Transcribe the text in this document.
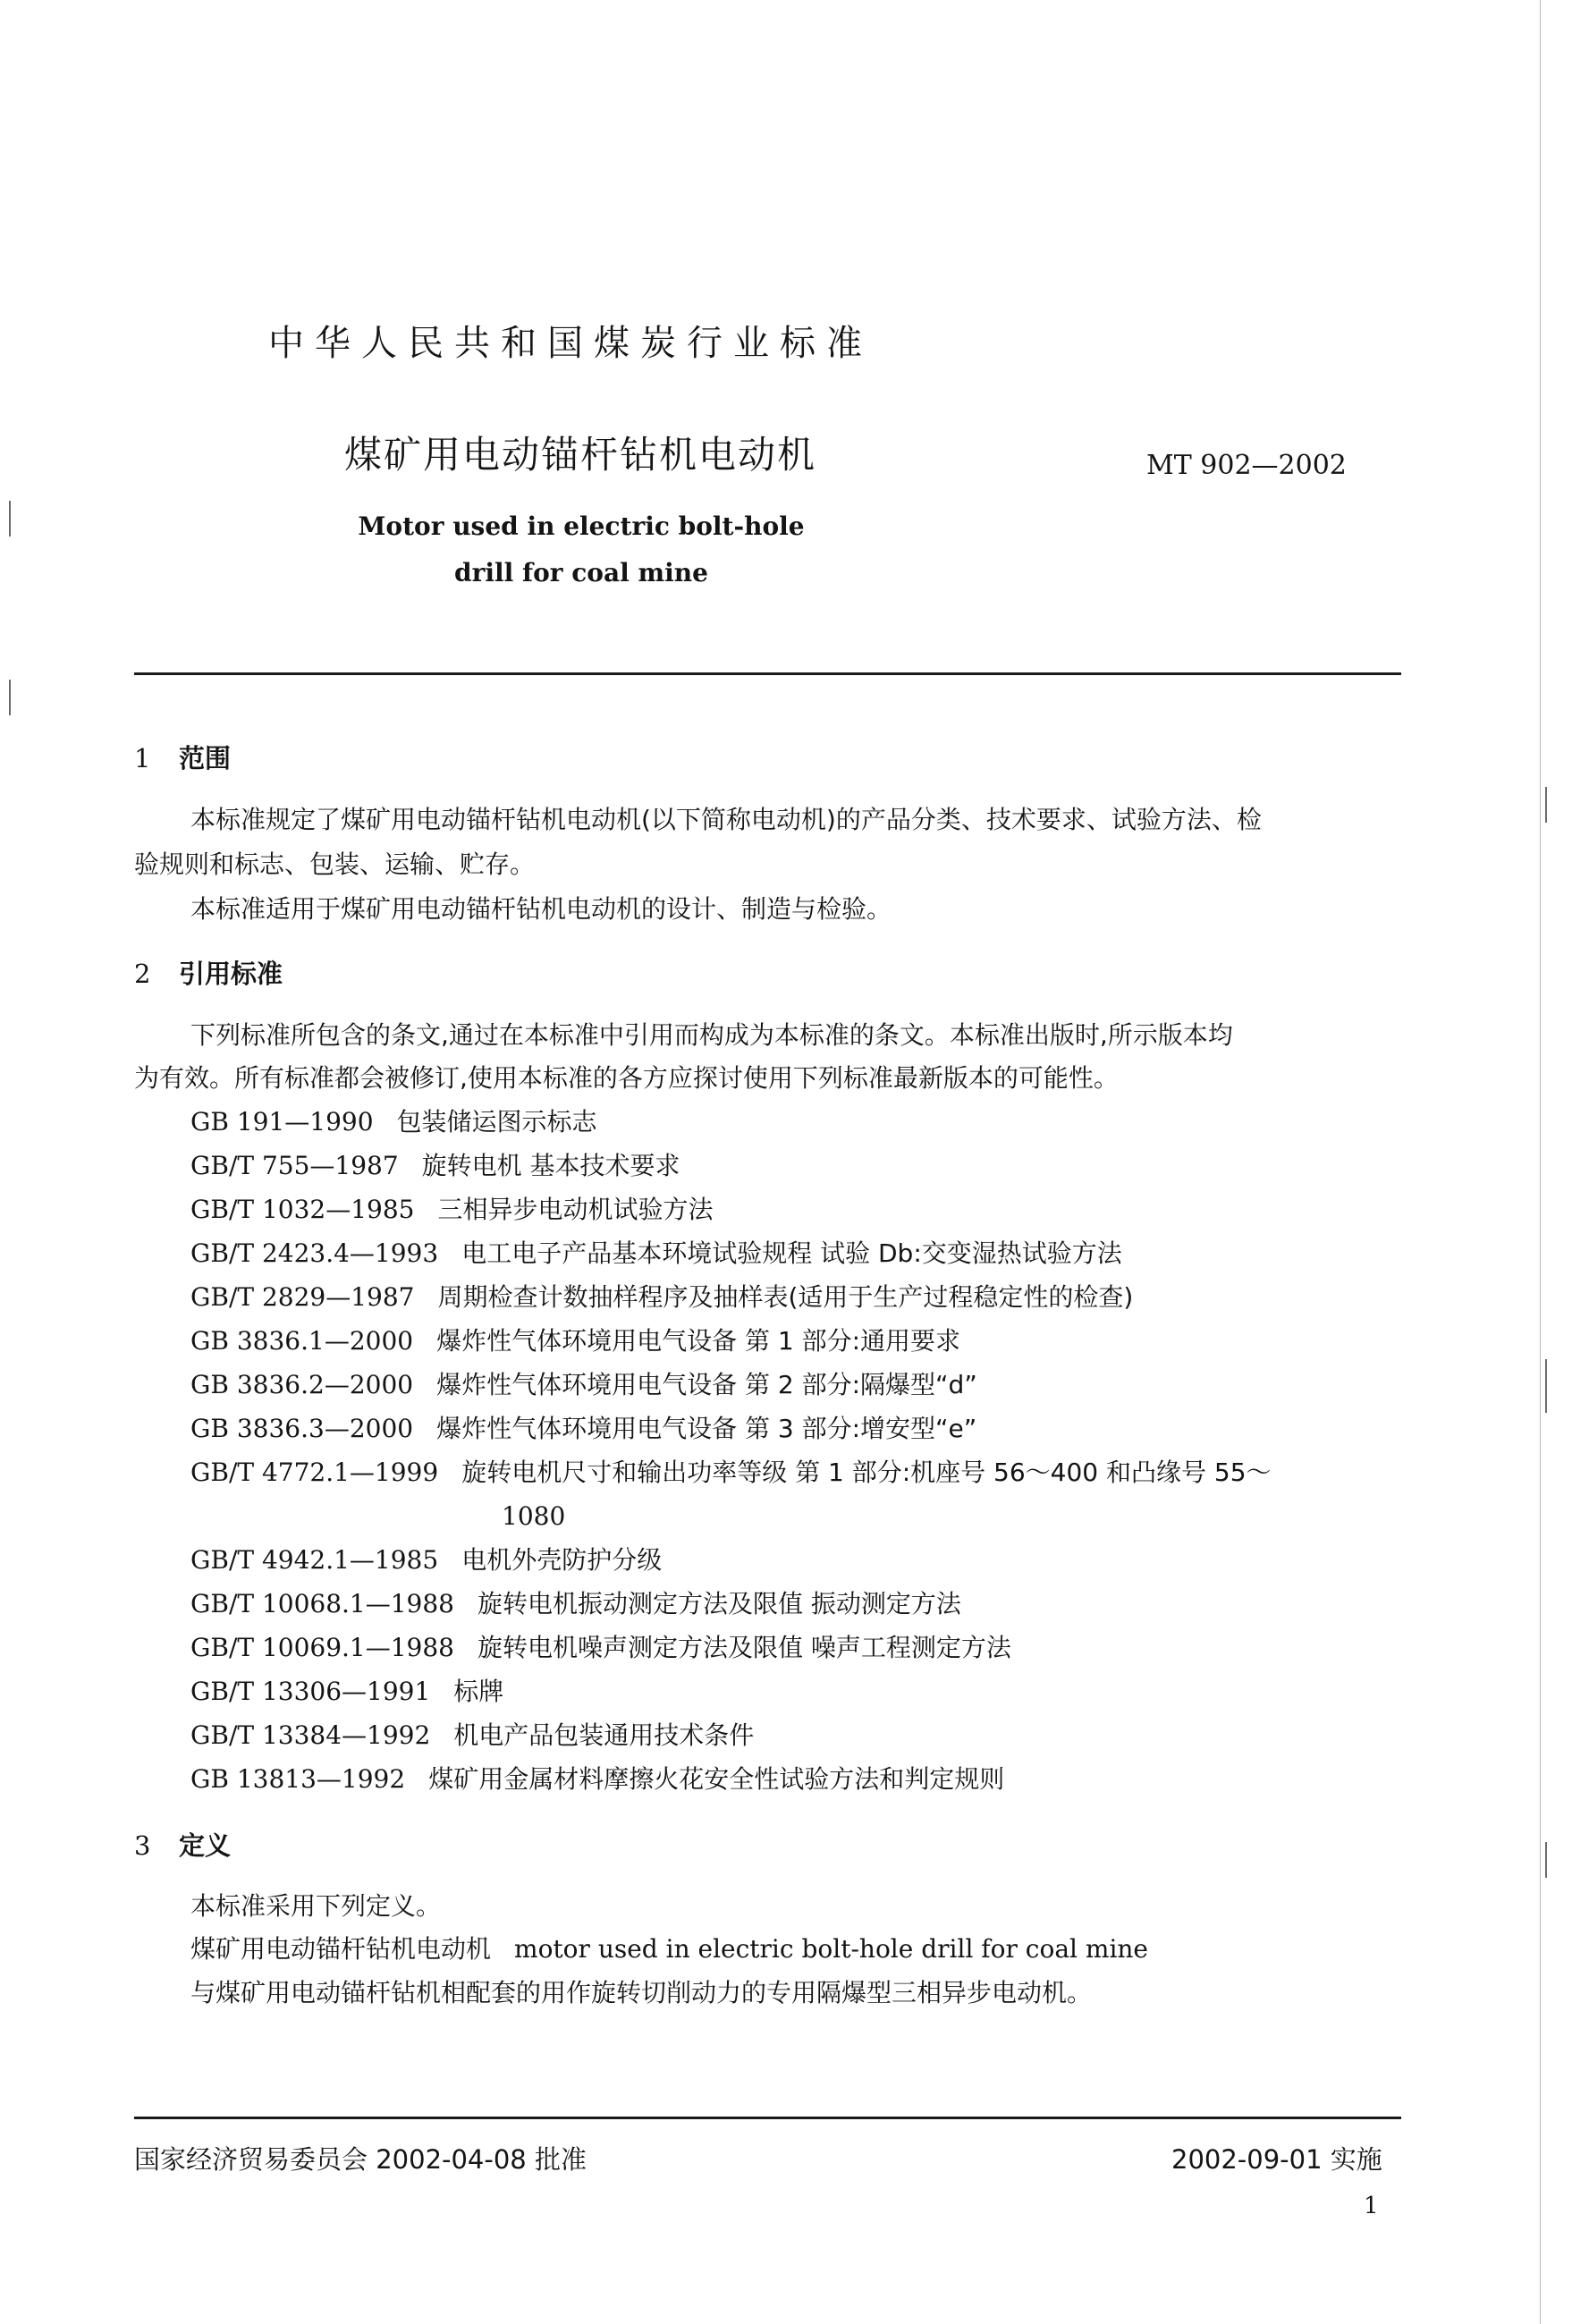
中华人民共和国煤炭行业标准
煤矿用电动锚杆钻机电动机	MT 902—2002
Motor used in electric bolt-hole
drill for coal mine
1 范围
本标准规定了煤矿用电动锚杆钻机电动机(以下简称电动机)的产品分类、技术要求、试验方法、检
验规则和标志、包装、运输、贮存。
本标准适用于煤矿用电动锚杆钻机电动机的设计、制造与检验。
2 引用标准
下列标准所包含的条文,通过在本标准中引用而构成为本标准的条文。本标准出版时,所示版本均
为有效。所有标准都会被修订,使用本标准的各方应探讨使用下列标准最新版本的可能性。
GB 191—1990 包装储运图示标志
GB/T 755—1987 旋转电机 基本技术要求
GB/T 1032—1985 三相异步电动机试验方法
GB/T 2423.4—1993 电工电子产品基本环境试验规程 试验 Db:交变湿热试验方法
GB/T 2829—1987 周期检查计数抽样程序及抽样表(适用于生产过程稳定性的检查)
GB 3836.1—2000 爆炸性气体环境用电气设备 第 1 部分:通用要求
GB 3836.2—2000 爆炸性气体环境用电气设备 第 2 部分:隔爆型“d”
GB 3836.3—2000 爆炸性气体环境用电气设备 第 3 部分:增安型“e”
GB/T 4772.1—1999 旋转电机尺寸和输出功率等级 第 1 部分:机座号 56～400 和凸缘号 55～
1080
GB/T 4942.1—1985 电机外壳防护分级
GB/T 10068.1—1988 旋转电机振动测定方法及限值 振动测定方法
GB/T 10069.1—1988 旋转电机噪声测定方法及限值 噪声工程测定方法
GB/T 13306—1991 标牌
GB/T 13384—1992 机电产品包装通用技术条件
GB 13813—1992 煤矿用金属材料摩擦火花安全性试验方法和判定规则
3 定义
本标准采用下列定义。
煤矿用电动锚杆钻机电动机 motor used in electric bolt-hole drill for coal mine
与煤矿用电动锚杆钻机相配套的用作旋转切削动力的专用隔爆型三相异步电动机。
国家经济贸易委员会 2002-04-08 批准	2002-09-01 实施
1
